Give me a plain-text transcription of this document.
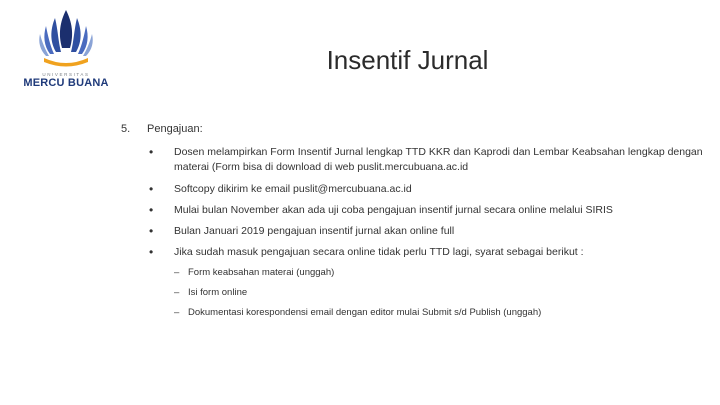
UNIVERSITAS
MERCU BUANA
Insentif Jurnal
5. Pengajuan:
• Dosen melampirkan Form Insentif Jurnal lengkap TTD KKR dan Kaprodi dan Lembar Keabsahan lengkap dengan materai (Form bisa di download di web puslit.mercubuana.ac.id
• Softcopy dikirim ke email puslit@mercubuana.ac.id
• Mulai bulan November akan ada uji coba pengajuan insentif jurnal secara online melalui SIRIS
• Bulan Januari 2019 pengajuan insentif jurnal akan online full
• Jika sudah masuk pengajuan secara online tidak perlu TTD lagi, syarat sebagai berikut :
– Form keabsahan materai (unggah)
– Isi form online
– Dokumentasi korespondensi email dengan editor mulai Submit s/d Publish (unggah)
